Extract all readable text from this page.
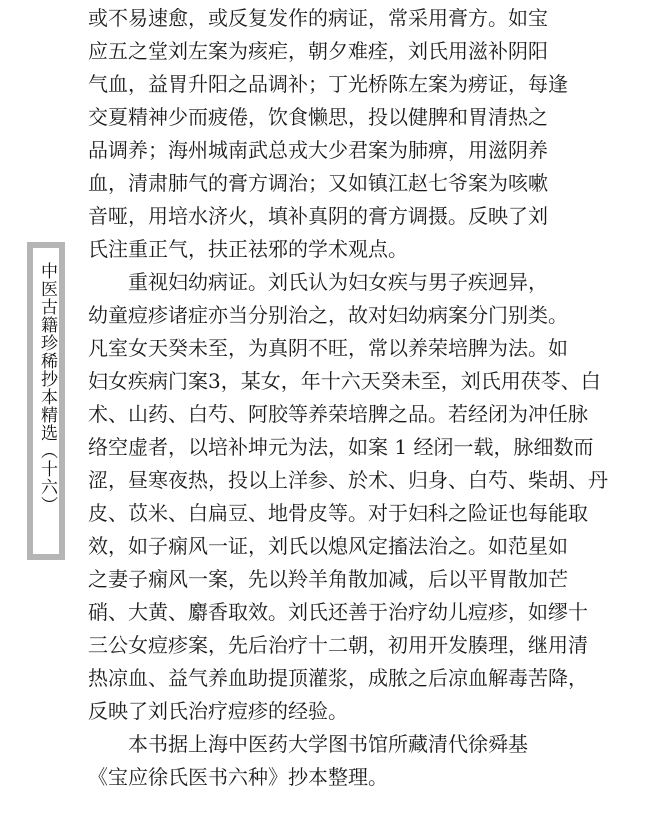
中医古籍珍稀抄本精选（十六）

或不易速愈，或反复发作的病证，常采用膏方。如宝
应五之堂刘左案为痎疟，朝夕难痊，刘氏用滋补阴阳
气血，益胃升阳之品调补；丁光桥陈左案为痨证，每逢
交夏精神少而疲倦，饮食懒思，投以健脾和胃清热之
品调养；海州城南武总戎大少君案为肺痹，用滋阴养
血，清肃肺气的膏方调治；又如镇江赵七爷案为咳嗽
音哑，用培水济火，填补真阴的膏方调摄。反映了刘
氏注重正气，扶正祛邪的学术观点。

重视妇幼病证。刘氏认为妇女疾与男子疾迥异，
幼童痘疹诸症亦当分别治之，故对妇幼病案分门别类。
凡室女天癸未至，为真阴不旺，常以养荣培脾为法。如
妇女疾病门案3，某女，年十六天癸未至，刘氏用茯苓、白
术、山药、白芍、阿胶等养荣培脾之品。若经闭为冲任脉
络空虚者，以培补坤元为法，如案 1 经闭一载，脉细数而
涩，昼寒夜热，投以上洋参、於术、归身、白芍、柴胡、丹
皮、苡米、白扁豆、地骨皮等。对于妇科之险证也每能取
效，如子痫风一证，刘氏以熄风定搐法治之。如范星如
之妻子痫风一案，先以羚羊角散加减，后以平胃散加芒
硝、大黄、麝香取效。刘氏还善于治疗幼儿痘疹，如缪十
三公女痘疹案，先后治疗十二朝，初用开发腠理，继用清
热凉血、益气养血助提顶灌浆，成脓之后凉血解毒苦降，
反映了刘氏治疗痘疹的经验。

本书据上海中医药大学图书馆所藏清代徐舜基
《宝应徐氏医书六种》抄本整理。
